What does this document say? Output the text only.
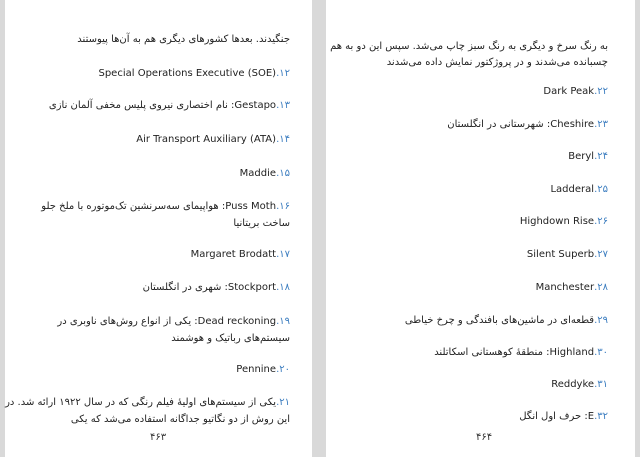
جنگیدند. بعدها کشورهای دیگری هم به آن‌ها پیوستند
۱۲.Special Operations Executive (SOE)
۱۳.Gestapo: نام اختصاری نیروی پلیس مخفی آلمان نازی
۱۴.Air Transport Auxiliary (ATA)
۱۵.Maddie
۱۶.Puss Moth: هواپیمای سه‌سرنشین تک‌موتوره با ملخ جلو
ساخت بریتانیا
۱۷.Margaret Brodatt
۱۸.Stockport: شهری در انگلستان
۱۹.Dead reckoning: یکی از انواع روش‌های ناوبری در
سیستم‌های رباتیک و هوشمند
۲۰.Pennine
۲۱.یکی از سیستم‌های اولیهٔ فیلم رنگی که در سال ۱۹۲۲ ارائه شد. در
این روش از دو نگاتیو جداگانه استفاده می‌شد که یکی
۴۶۳
به رنگ سرخ و دیگری به رنگ سبز چاپ می‌شد. سپس این دو به هم
چسبانده می‌شدند و در پروژکتور نمایش داده می‌شدند
۲۲.Dark Peak
۲۳.Cheshire: شهرستانی در انگلستان
۲۴.Beryl
۲۵.Ladderal
۲۶.Highdown Rise
۲۷.Silent Superb
۲۸.Manchester
۲۹.قطعه‌ای در ماشین‌های بافندگی و چرخ خیاطی
۳۰.Highland: منطقهٔ کوهستانی اسکاتلند
۳۱.Reddyke
۳۲.E: حرف اول انگل
۴۶۴
